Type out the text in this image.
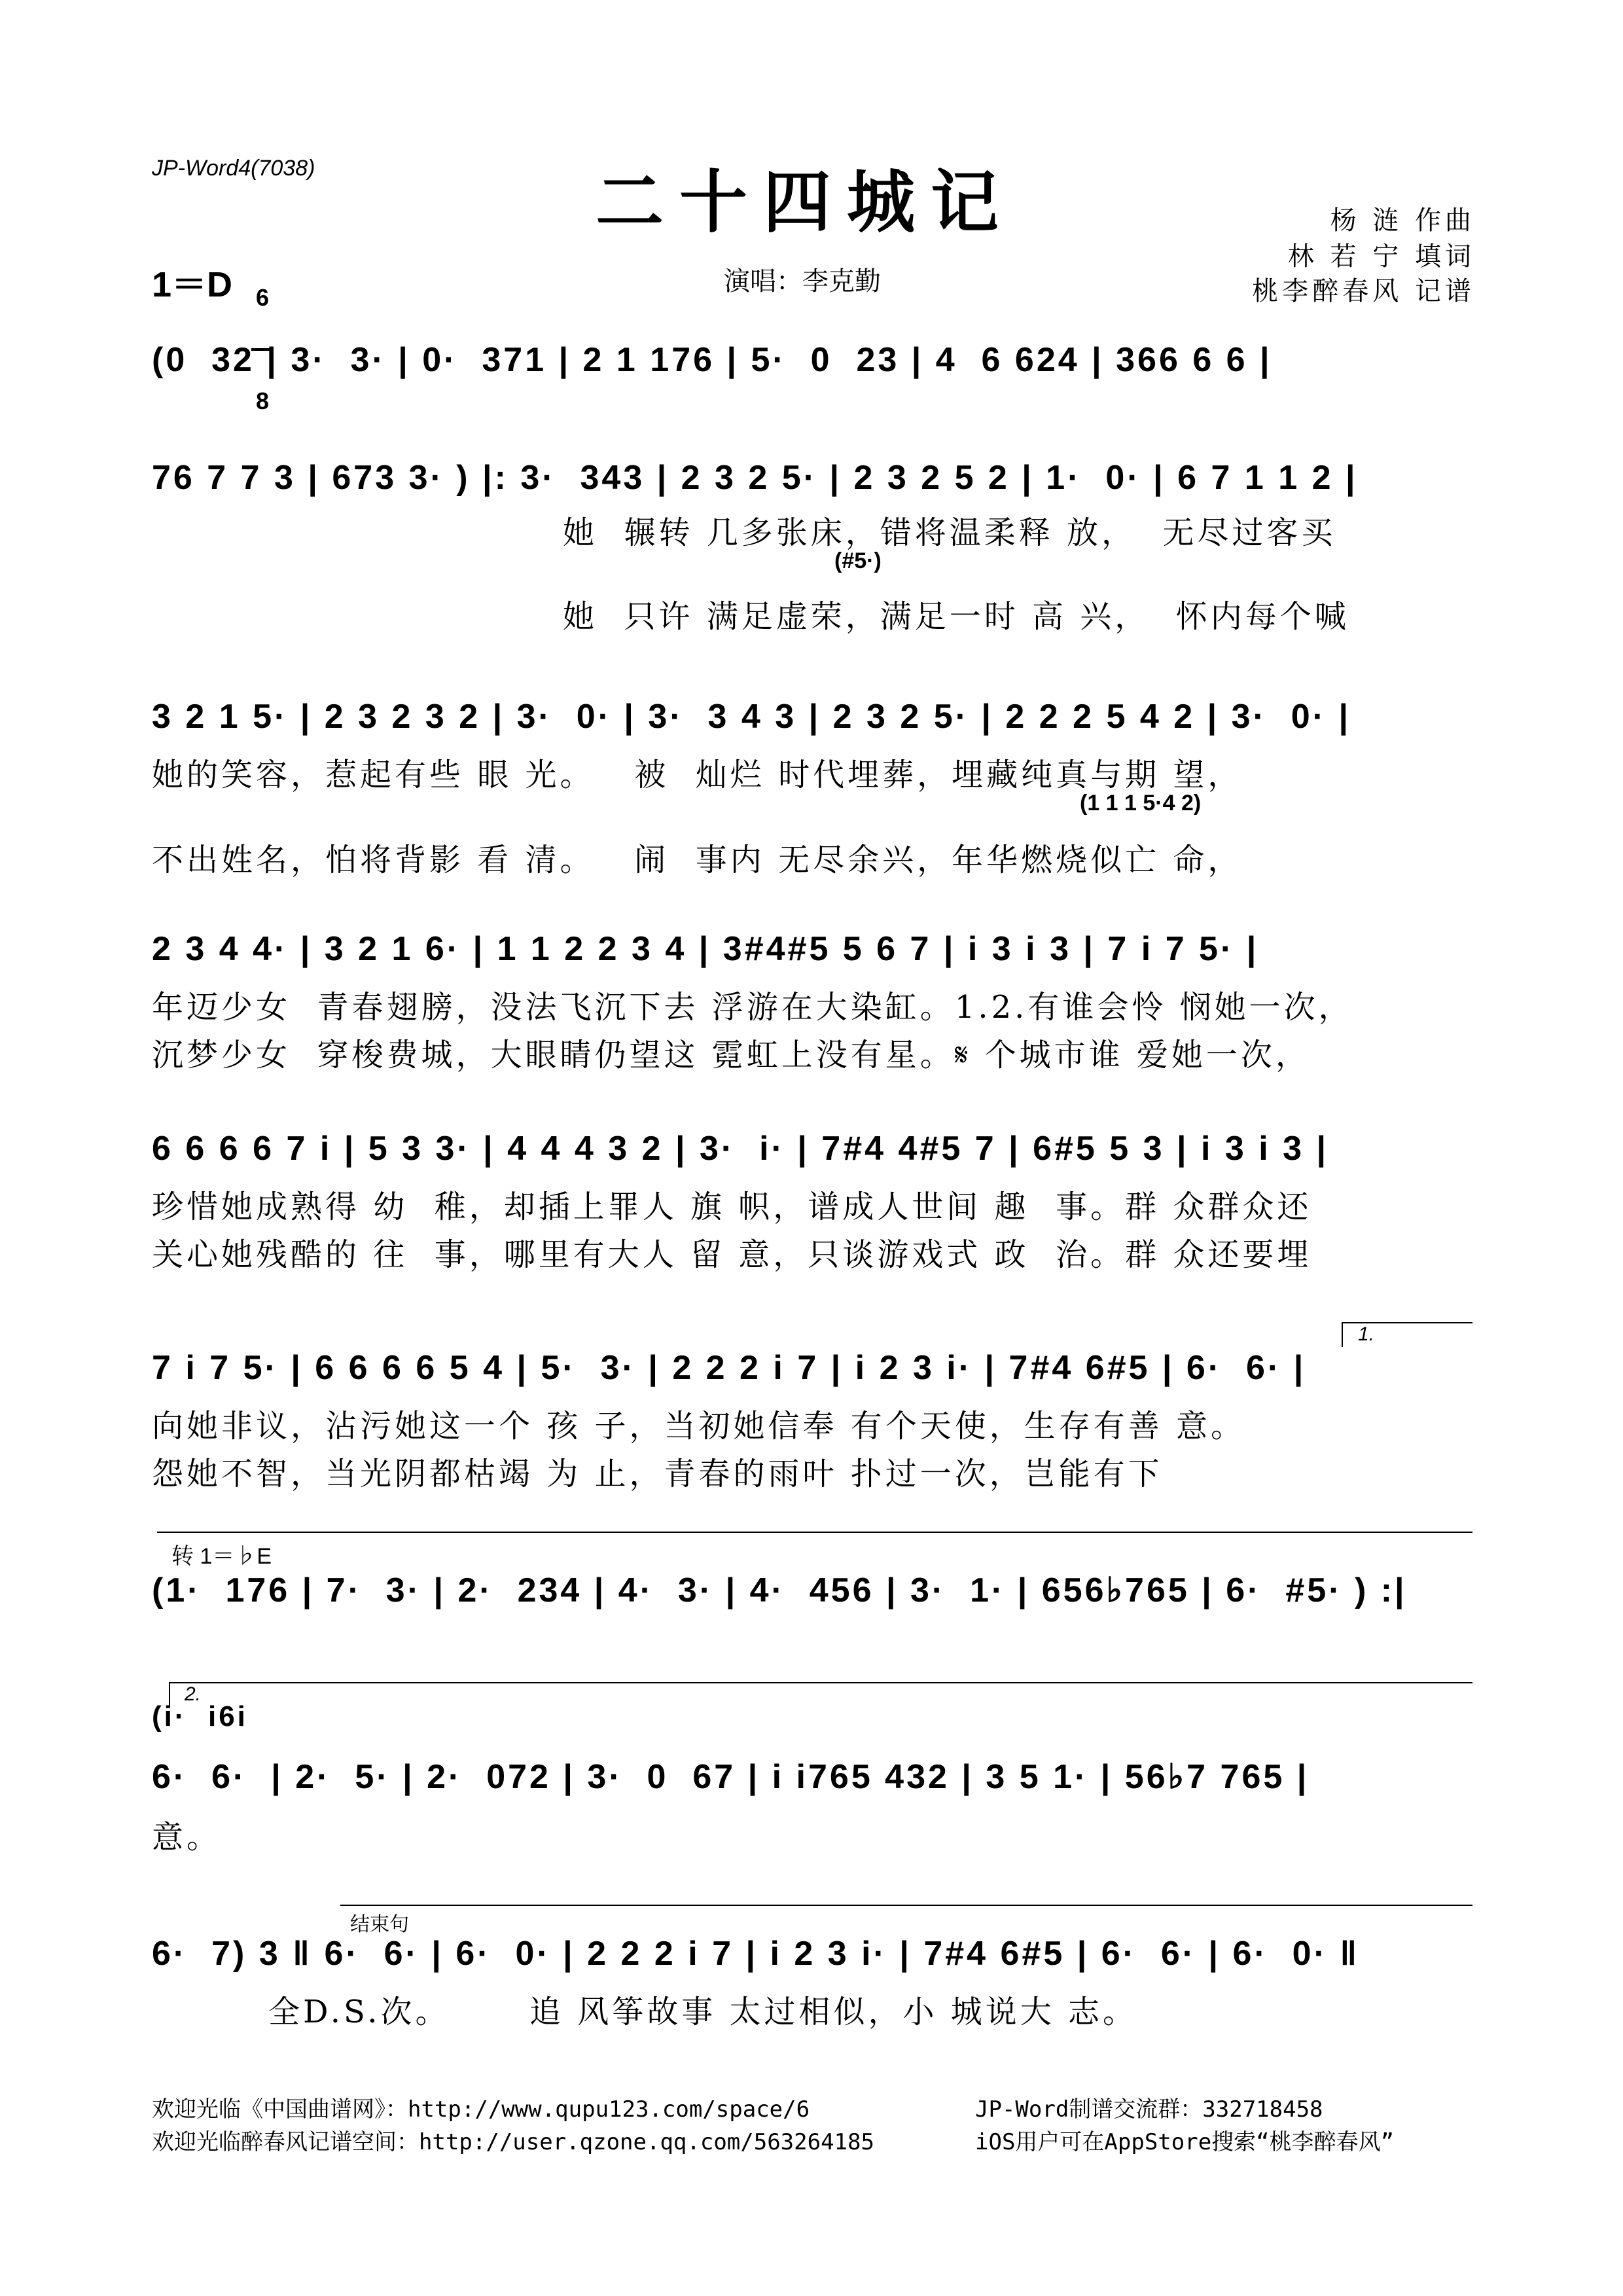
JP-Word4(7038)	二十四城记	杨 涟 作曲
林 若 宁 填词
桃李醉春风 记谱
1＝D

6

8

演唱：李克勤
(0  32 | 3·  3· | 0·  371 | 2 1 176 | 5·  0  23 | 4  6 624 | 366 6 6 |
76 7 7 3 | 673 3· ) |: 3·  343 | 2 3 2 5· | 2 3 2 5 2 | 1·  0· | 6 7 1 1 2 |
她  辗转 几多张床，错将温柔释 放，  无尽过客买
(#5·)
她  只许 满足虚荣，满足一时 高 兴，  怀内每个喊
3 2 1 5· | 2 3 2 3 2 | 3·  0· | 3·  3 4 3 | 2 3 2 5· | 2 2 2 5 4 2 | 3·  0· |
她的笑容，惹起有些 眼 光。   被  灿烂 时代埋葬，埋藏纯真与期 望，
(1 1 1 5·4 2)
不出姓名，怕将背影 看 清。   闹  事内 无尽余兴，年华燃烧似亡 命，
2 3 4 4· | 3 2 1 6· | 1 1 2 2 3 4 | 3#4#5 5 6 7 | i 3 i 3 | 7 i 7 5· |
年迈少女  青春翅膀，没法飞沉下去 浮游在大染缸。1.2.有谁会怜 悯她一次，
沉梦少女  穿梭费城，大眼睛仍望这 霓虹上没有星。𝄋 个城市谁 爱她一次，
6 6 6 6 7 i | 5 3 3· | 4 4 4 3 2 | 3·  i· | 7#4 4#5 7 | 6#5 5 3 | i 3 i 3 |
珍惜她成熟得 幼  稚，却插上罪人 旗 帜，谱成人世间 趣  事。群 众群众还
关心她残酷的 往  事，哪里有大人 留 意，只谈游戏式 政  治。群 众还要埋
1.
7 i 7 5· | 6 6 6 6 5 4 | 5·  3· | 2 2 2 i 7 | i 2 3 i· | 7#4 6#5 | 6·  6· |
向她非议，沾污她这一个 孩 子，当初她信奉 有个天使，生存有善 意。
怨她不智，当光阴都枯竭 为 止，青春的雨叶 扑过一次，岂能有下
转 1＝♭E
(1·  176 | 7·  3· | 2·  234 | 4·  3· | 4·  456 | 3·  1· | 656♭765 | 6·  #5· ) :|
2.
(i·  i6i
6·  6·  | 2·  5· | 2·  072 | 3·  0  67 | i i765 432 | 3 5 1· | 56♭7 765 |
意。
结束句
6·  7) 3 ‖ 6·  6· | 6·  0· | 2 2 2 i 7 | i 2 3 i· | 7#4 6#5 | 6·  6· | 6·  0· ‖
全D.S.次。      追 风筝故事 太过相似，小 城说大 志。
欢迎光临《中国曲谱网》：http://www.qupu123.com/space/6
欢迎光临醉春风记谱空间：http://user.qzone.qq.com/563264185
JP-Word制谱交流群：332718458
iOS用户可在AppStore搜索“桃李醉春风”
